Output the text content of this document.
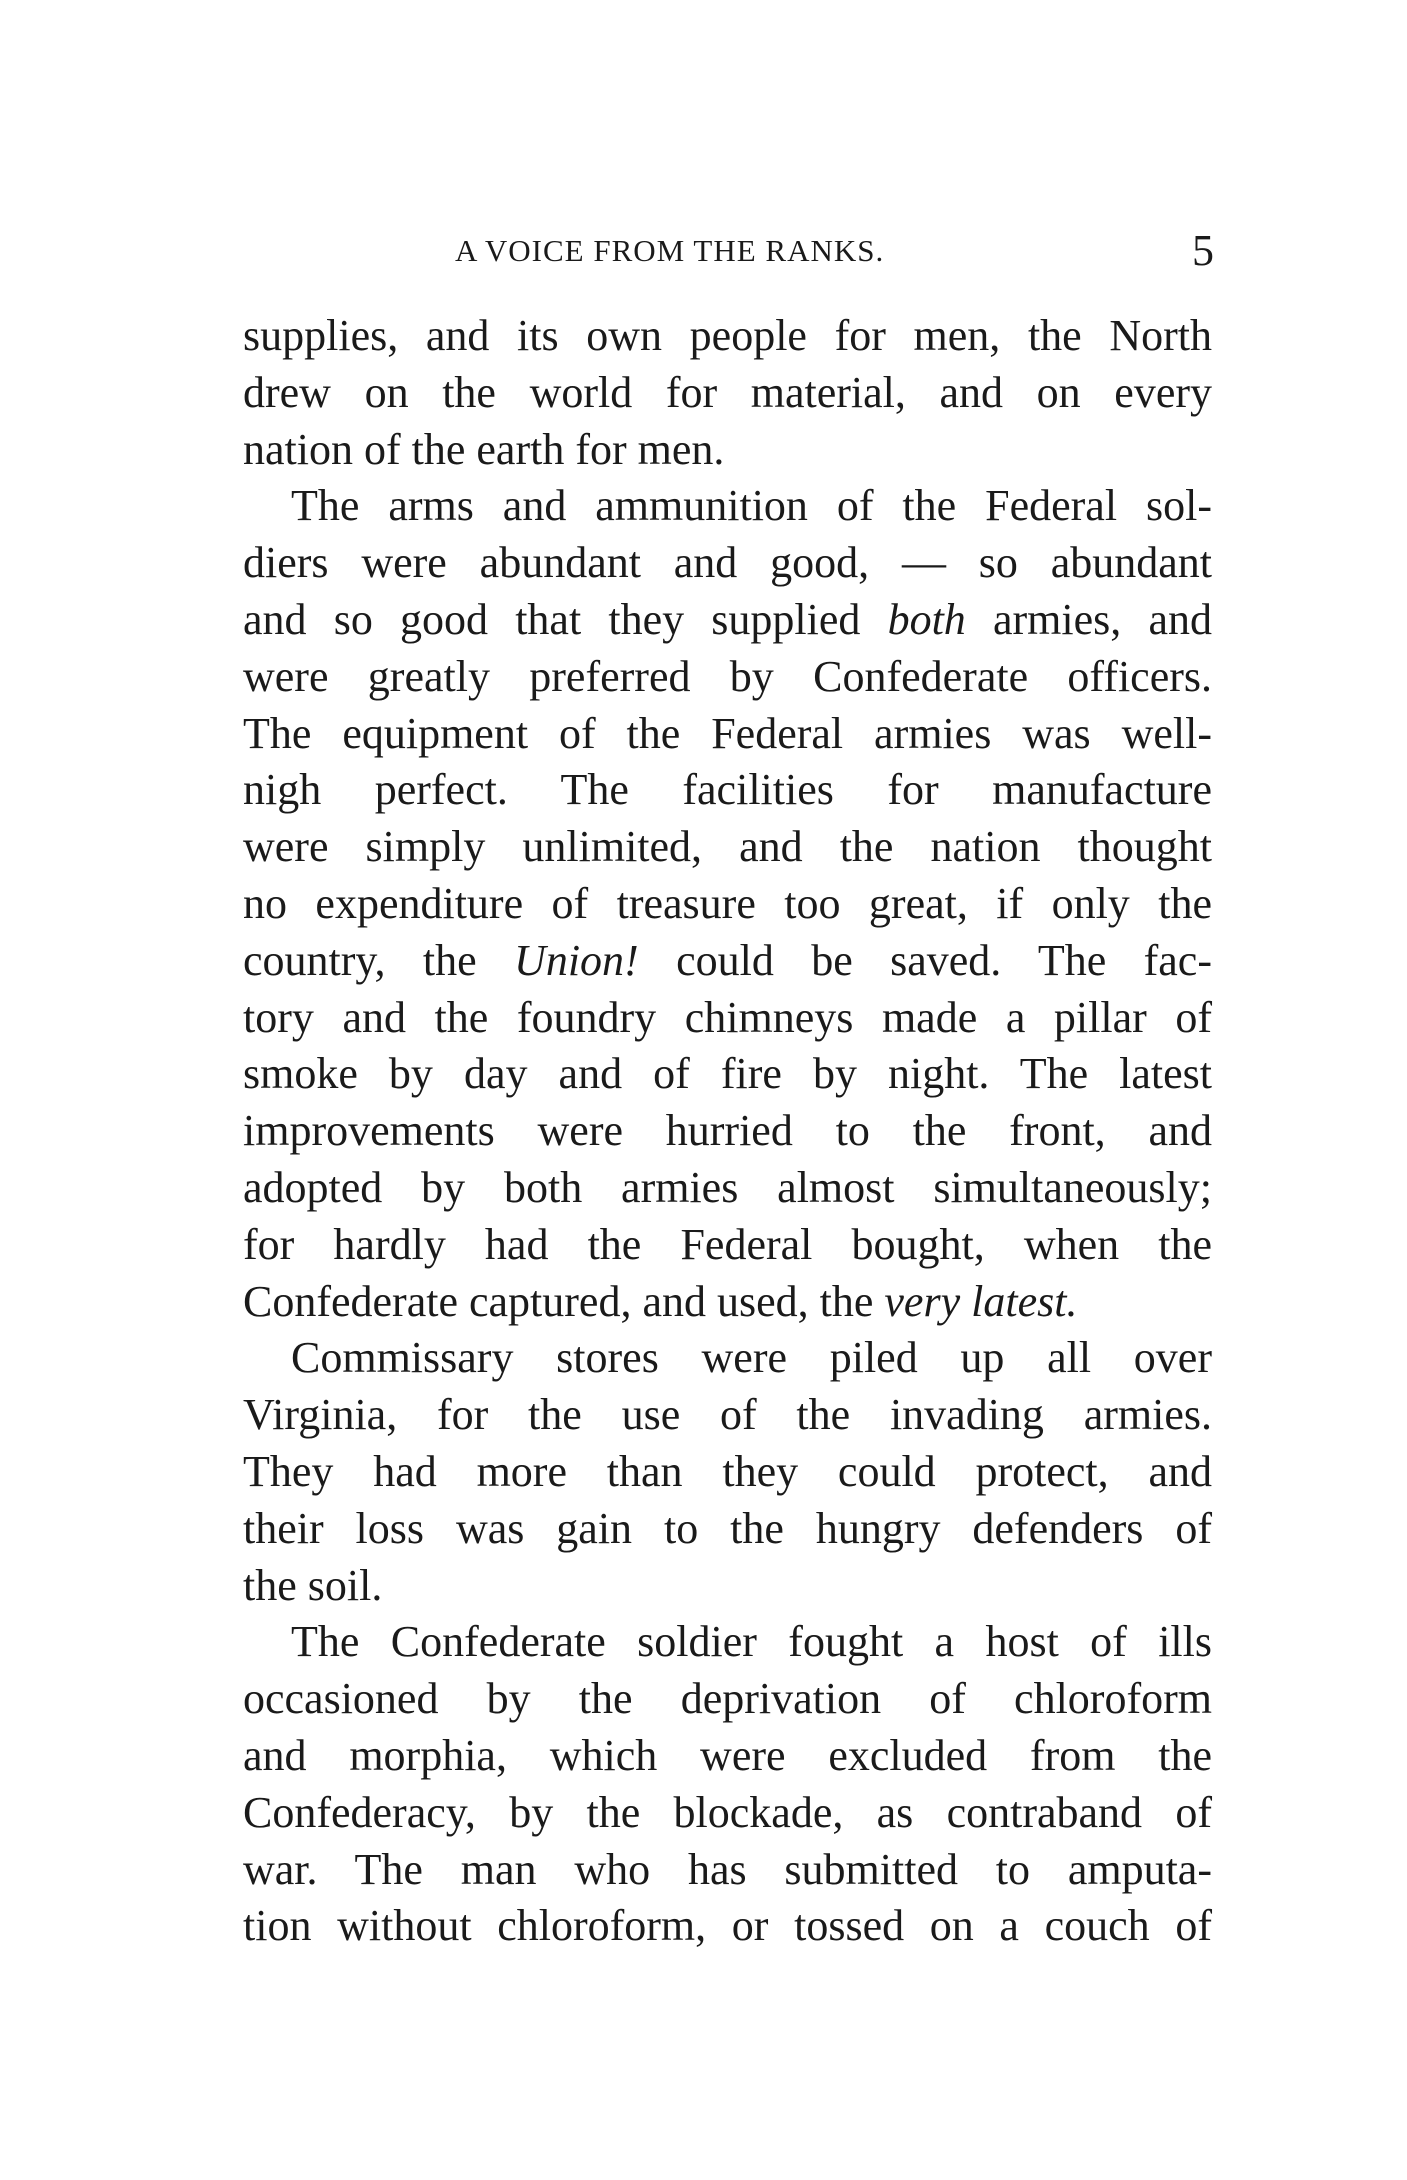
A VOICE FROM THE RANKS.	5
supplies, and its own people for men, the North
drew on the world for material, and on every
nation of the earth for men.
The arms and ammunition of the Federal sol-
diers were abundant and good, — so abundant
and so good that they supplied both armies, and
were greatly preferred by Confederate officers.
The equipment of the Federal armies was well-
nigh perfect. The facilities for manufacture
were simply unlimited, and the nation thought
no expenditure of treasure too great, if only the
country, the Union! could be saved. The fac-
tory and the foundry chimneys made a pillar of
smoke by day and of fire by night. The latest
improvements were hurried to the front, and
adopted by both armies almost simultaneously;
for hardly had the Federal bought, when the
Confederate captured, and used, the very latest.
Commissary stores were piled up all over
Virginia, for the use of the invading armies.
They had more than they could protect, and
their loss was gain to the hungry defenders of
the soil.
The Confederate soldier fought a host of ills
occasioned by the deprivation of chloroform
and morphia, which were excluded from the
Confederacy, by the blockade, as contraband of
war. The man who has submitted to amputa-
tion without chloroform, or tossed on a couch of
